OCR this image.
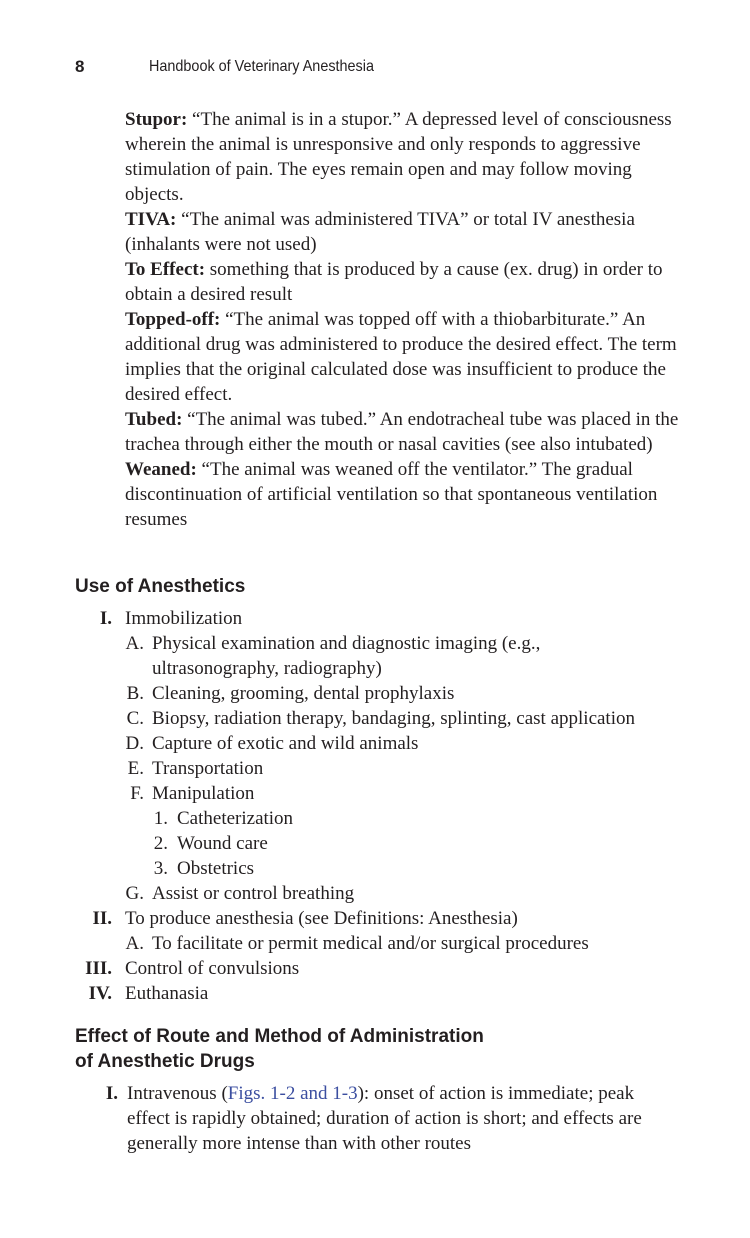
8	Handbook of Veterinary Anesthesia

Stupor: “The animal is in a stupor.” A depressed level of consciousness wherein the animal is unresponsive and only responds to aggressive stimulation of pain. The eyes remain open and may follow moving objects.

TIVA: “The animal was administered TIVA” or total IV anesthesia (inhalants were not used)

To Effect: something that is produced by a cause (ex. drug) in order to obtain a desired result

Topped-off: “The animal was topped off with a thiobarbiturate.” An additional drug was administered to produce the desired effect. The term implies that the original calculated dose was insufficient to produce the desired effect.

Tubed: “The animal was tubed.” An endotracheal tube was placed in the trachea through either the mouth or nasal cavities (see also intubated)

Weaned: “The animal was weaned off the ventilator.” The gradual discontinuation of artificial ventilation so that spontaneous ventilation resumes

Use of Anesthetics
I. Immobilization
A. Physical examination and diagnostic imaging (e.g., ultrasonography, radiography)
B. Cleaning, grooming, dental prophylaxis
C. Biopsy, radiation therapy, bandaging, splinting, cast application
D. Capture of exotic and wild animals
E. Transportation
F. Manipulation
1. Catheterization
2. Wound care
3. Obstetrics
G. Assist or control breathing
II. To produce anesthesia (see Definitions: Anesthesia)
A. To facilitate or permit medical and/or surgical procedures
III. Control of convulsions
IV. Euthanasia
Effect of Route and Method of Administration
of Anesthetic Drugs
I. Intravenous (Figs. 1-2 and 1-3): onset of action is immediate; peak effect is rapidly obtained; duration of action is short; and effects are generally more intense than with other routes
